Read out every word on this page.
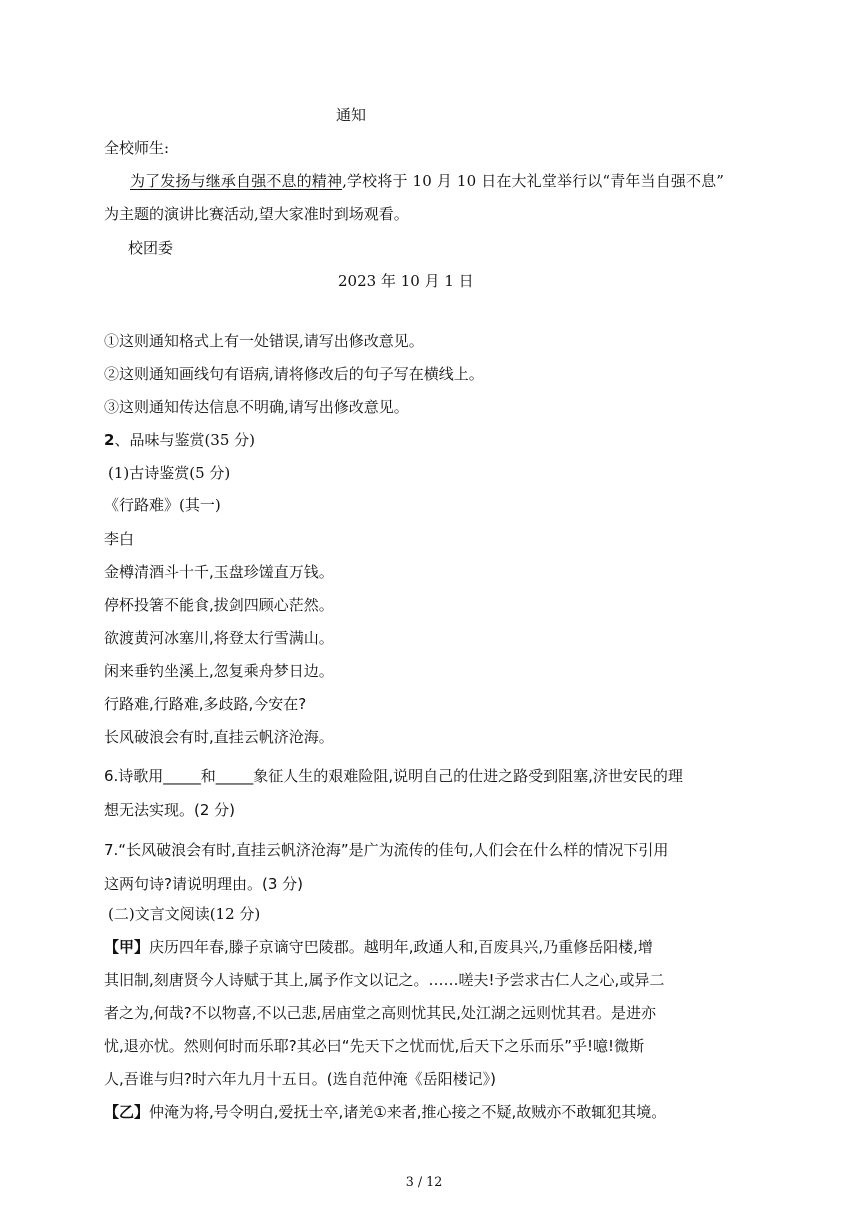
通知
全校师生:
为了发扬与继承自强不息的精神,学校将于 10 月 10 日在大礼堂举行以“青年当自强不息”
为主题的演讲比赛活动,望大家准时到场观看。
校团委
2023 年 10 月 1 日
①这则通知格式上有一处错误,请写出修改意见。
②这则通知画线句有语病,请将修改后的句子写在横线上。
③这则通知传达信息不明确,请写出修改意见。
2、品味与鉴赏(35 分)
(1)古诗鉴赏(5 分)
《行路难》(其一)
李白
金樽清酒斗十千,玉盘珍馐直万钱。
停杯投箸不能食,拔剑四顾心茫然。
欲渡黄河冰塞川,将登太行雪满山。
闲来垂钓坐溪上,忽复乘舟梦日边。
行路难,行路难,多歧路,今安在?
长风破浪会有时,直挂云帆济沧海。
6.诗歌用_____和_____象征人生的艰难险阻,说明自己的仕进之路受到阻塞,济世安民的理
想无法实现。(2 分)
7.“长风破浪会有时,直挂云帆济沧海”是广为流传的佳句,人们会在什么样的情况下引用
这两句诗?请说明理由。(3 分)
(二)文言文阅读(12 分)
【甲】庆历四年春,滕子京谪守巴陵郡。越明年,政通人和,百废具兴,乃重修岳阳楼,增
其旧制,刻唐贤今人诗赋于其上,属予作文以记之。……嗟夫!予尝求古仁人之心,或异二
者之为,何哉?不以物喜,不以己悲,居庙堂之高则忧其民,处江湖之远则忧其君。是进亦
忧,退亦忧。然则何时而乐耶?其必曰“先天下之忧而忧,后天下之乐而乐”乎!噫!微斯
人,吾谁与归?时六年九月十五日。(选自范仲淹《岳阳楼记》)
【乙】仲淹为将,号令明白,爱抚士卒,诸羌①来者,推心接之不疑,故贼亦不敢辄犯其境。
3 / 12
